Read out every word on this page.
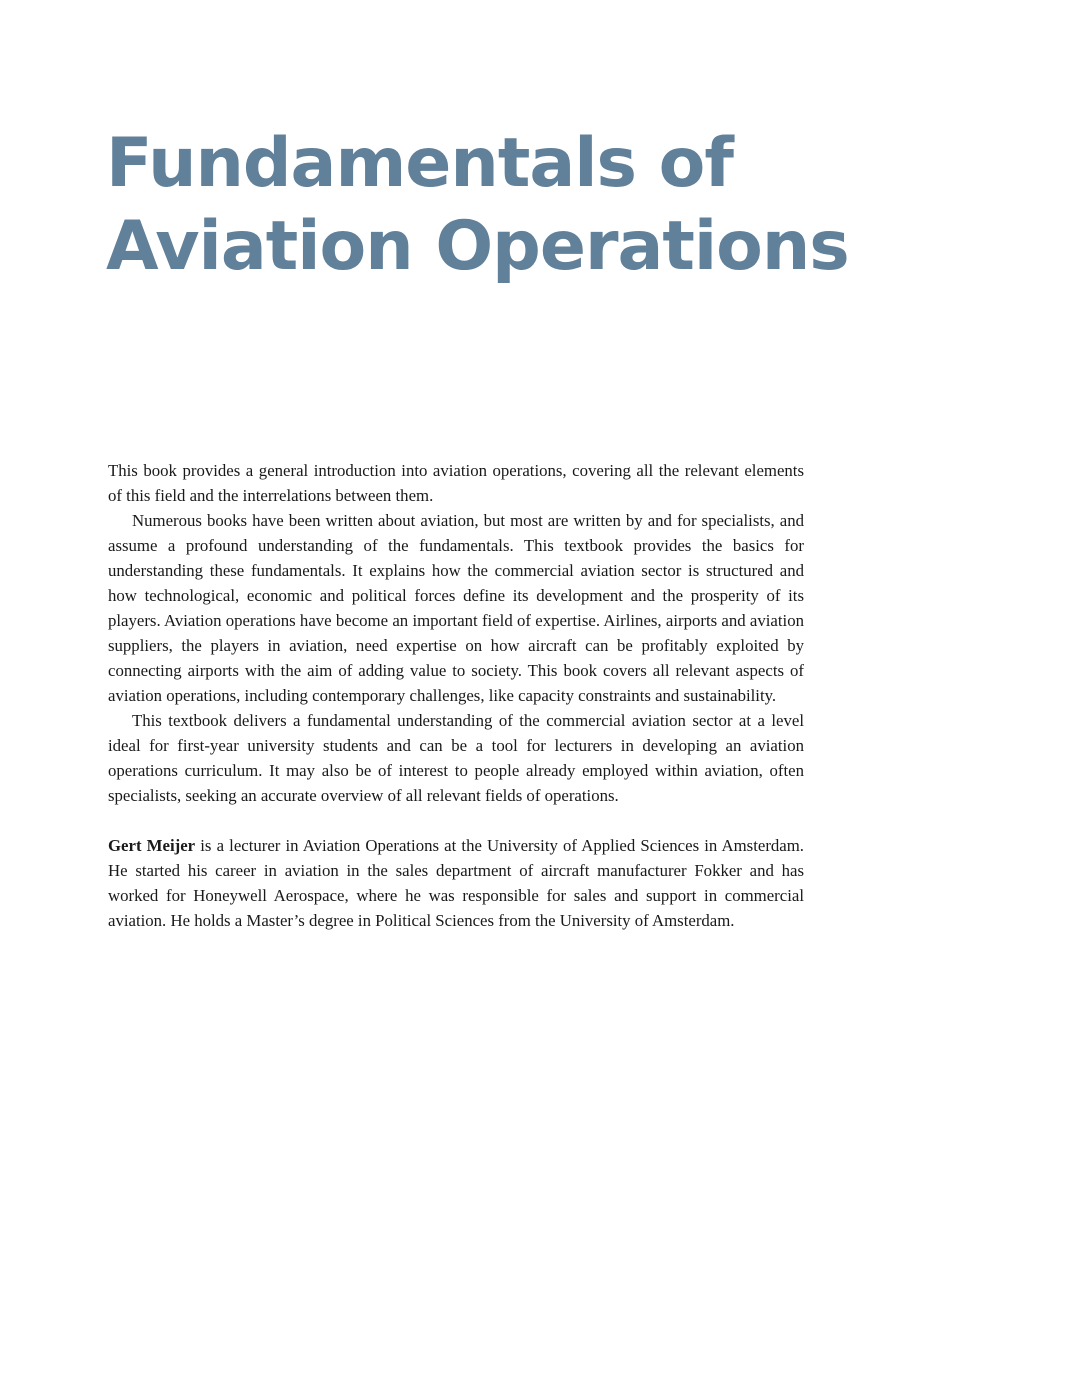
Fundamentals of
Aviation Operations

This book provides a general introduction into aviation operations, covering all the relevant elements of this field and the interrelations between them.

Numerous books have been written about aviation, but most are written by and for specialists, and assume a profound understanding of the fundamentals. This textbook provides the basics for understanding these fundamentals. It explains how the commercial aviation sector is structured and how technological, economic and political forces define its development and the prosperity of its players. Aviation operations have become an important field of expertise. Airlines, airports and aviation suppliers, the players in aviation, need expertise on how aircraft can be profitably exploited by connecting airports with the aim of adding value to society. This book covers all relevant aspects of aviation operations, including contemporary challenges, like capacity constraints and sustainability.

This textbook delivers a fundamental understanding of the commercial aviation sector at a level ideal for first-year university students and can be a tool for lecturers in developing an aviation operations curriculum. It may also be of interest to people already employed within aviation, often specialists, seeking an accurate overview of all relevant fields of operations.

Gert Meijer is a lecturer in Aviation Operations at the University of Applied Sciences in Amsterdam. He started his career in aviation in the sales department of aircraft manufacturer Fokker and has worked for Honeywell Aerospace, where he was responsible for sales and support in commercial aviation. He holds a Master’s degree in Political Sciences from the University of Amsterdam.
